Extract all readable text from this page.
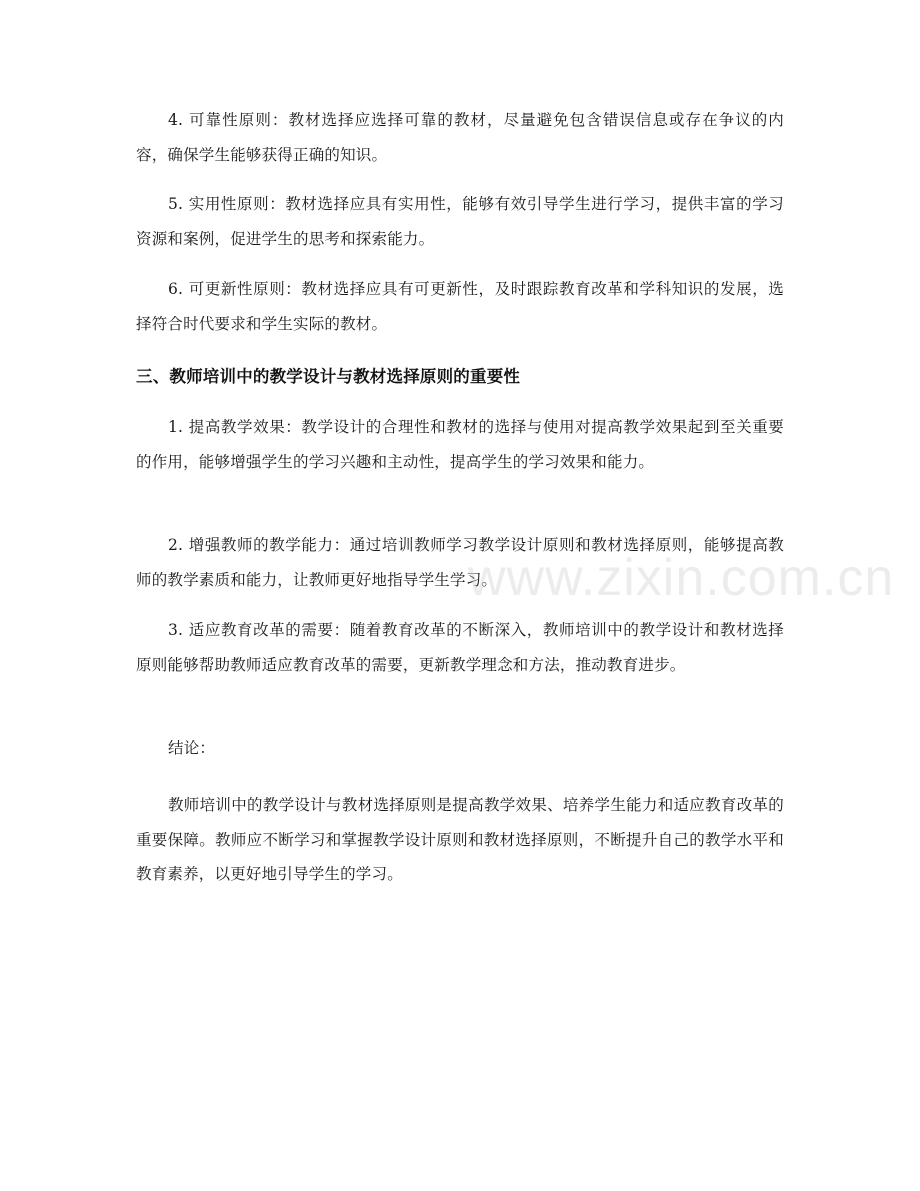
4. 可靠性原则：教材选择应选择可靠的教材，尽量避免包含错误信息或存在争议的内容，确保学生能够获得正确的知识。

5. 实用性原则：教材选择应具有实用性，能够有效引导学生进行学习，提供丰富的学习资源和案例，促进学生的思考和探索能力。

6. 可更新性原则：教材选择应具有可更新性，及时跟踪教育改革和学科知识的发展，选择符合时代要求和学生实际的教材。

三、教师培训中的教学设计与教材选择原则的重要性

1. 提高教学效果：教学设计的合理性和教材的选择与使用对提高教学效果起到至关重要的作用，能够增强学生的学习兴趣和主动性，提高学生的学习效果和能力。

2. 增强教师的教学能力：通过培训教师学习教学设计原则和教材选择原则，能够提高教师的教学素质和能力，让教师更好地指导学生学习。

3. 适应教育改革的需要：随着教育改革的不断深入，教师培训中的教学设计和教材选择原则能够帮助教师适应教育改革的需要，更新教学理念和方法，推动教育进步。

结论：

教师培训中的教学设计与教材选择原则是提高教学效果、培养学生能力和适应教育改革的重要保障。教师应不断学习和掌握教学设计原则和教材选择原则，不断提升自己的教学水平和教育素养，以更好地引导学生的学习。

www.zixin.com.cn
